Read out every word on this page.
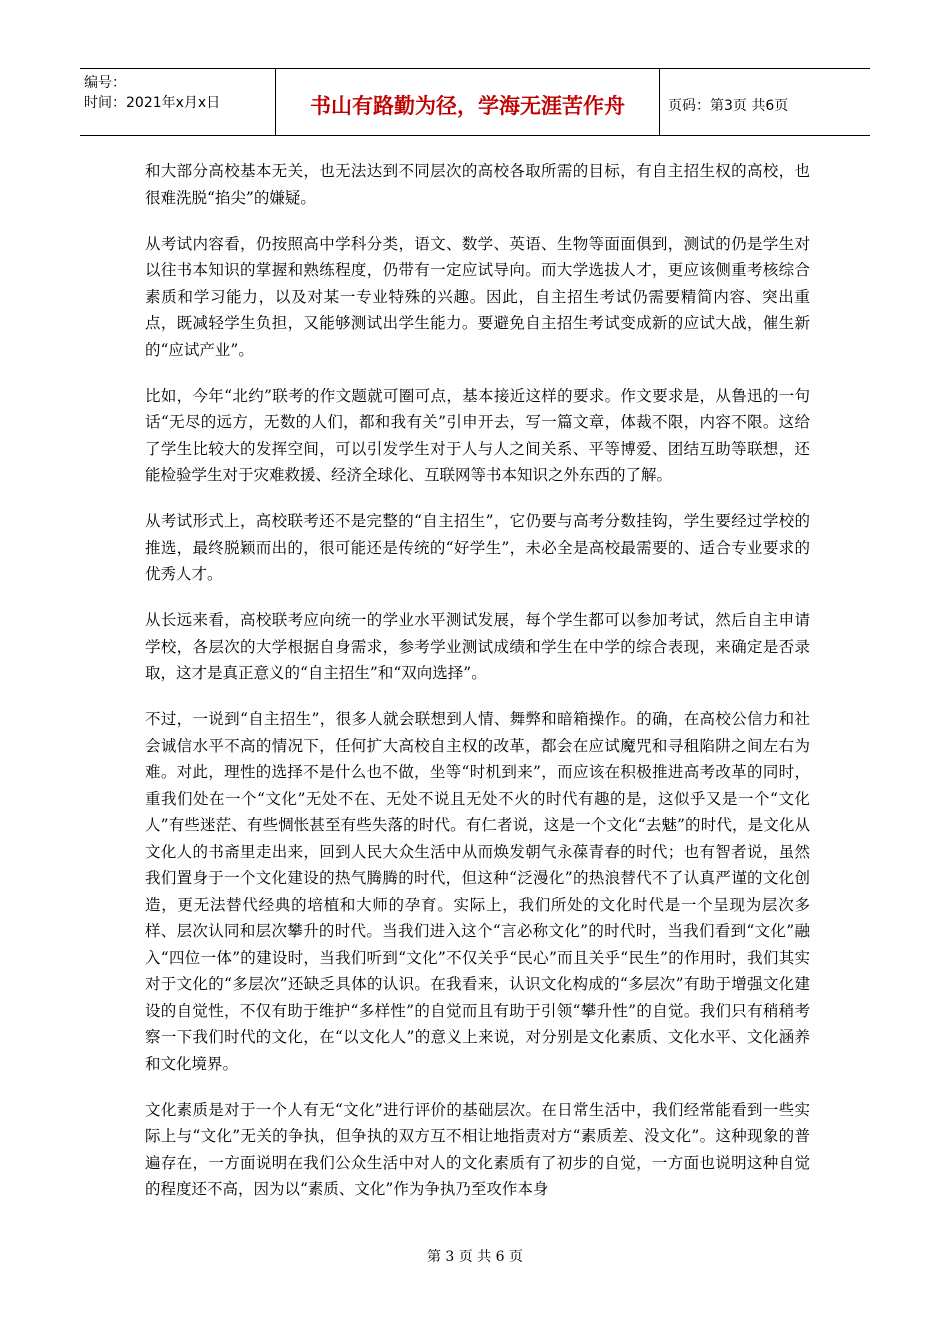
编号：
时间：2021年x月x日	书山有路勤为径，学海无涯苦作舟	页码：第3页 共6页

和大部分高校基本无关，也无法达到不同层次的高校各取所需的目标，有自主招生权的高校，也很难洗脱“掐尖”的嫌疑。

从考试内容看，仍按照高中学科分类，语文、数学、英语、生物等面面俱到，测试的仍是学生对以往书本知识的掌握和熟练程度，仍带有一定应试导向。而大学选拔人才，更应该侧重考核综合素质和学习能力，以及对某一专业特殊的兴趣。因此，自主招生考试仍需要精简内容、突出重点，既减轻学生负担，又能够测试出学生能力。要避免自主招生考试变成新的应试大战，催生新的“应试产业”。

比如，今年“北约”联考的作文题就可圈可点，基本接近这样的要求。作文要求是，从鲁迅的一句话“无尽的远方，无数的人们，都和我有关”引申开去，写一篇文章，体裁不限，内容不限。这给了学生比较大的发挥空间，可以引发学生对于人与人之间关系、平等博爱、团结互助等联想，还能检验学生对于灾难救援、经济全球化、互联网等书本知识之外东西的了解。

从考试形式上，高校联考还不是完整的“自主招生”，它仍要与高考分数挂钩，学生要经过学校的推选，最终脱颖而出的，很可能还是传统的“好学生”，未必全是高校最需要的、适合专业要求的优秀人才。

从长远来看，高校联考应向统一的学业水平测试发展，每个学生都可以参加考试，然后自主申请学校，各层次的大学根据自身需求，参考学业测试成绩和学生在中学的综合表现，来确定是否录取，这才是真正意义的“自主招生”和“双向选择”。

不过，一说到“自主招生”，很多人就会联想到人情、舞弊和暗箱操作。的确，在高校公信力和社会诚信水平不高的情况下，任何扩大高校自主权的改革，都会在应试魔咒和寻租陷阱之间左右为难。对此，理性的选择不是什么也不做，坐等“时机到来”，而应该在积极推进高考改革的同时，重我们处在一个“文化”无处不在、无处不说且无处不火的时代有趣的是，这似乎又是一个“文化人”有些迷茫、有些惆怅甚至有些失落的时代。有仁者说，这是一个文化“去魅”的时代，是文化从文化人的书斋里走出来，回到人民大众生活中从而焕发朝气永葆青春的时代；也有智者说，虽然我们置身于一个文化建设的热气腾腾的时代，但这种“泛漫化”的热浪替代不了认真严谨的文化创造，更无法替代经典的培植和大师的孕育。实际上，我们所处的文化时代是一个呈现为层次多样、层次认同和层次攀升的时代。当我们进入这个“言必称文化”的时代时，当我们看到“文化”融入“四位一体”的建设时，当我们听到“文化”不仅关乎“民心”而且关乎“民生”的作用时，我们其实对于文化的“多层次”还缺乏具体的认识。在我看来，认识文化构成的“多层次”有助于增强文化建设的自觉性，不仅有助于维护“多样性”的自觉而且有助于引领“攀升性”的自觉。我们只有稍稍考察一下我们时代的文化，在“以文化人”的意义上来说，对分别是文化素质、文化水平、文化涵养和文化境界。

文化素质是对于一个人有无“文化”进行评价的基础层次。在日常生活中，我们经常能看到一些实际上与“文化”无关的争执，但争执的双方互不相让地指责对方“素质差、没文化”。这种现象的普遍存在，一方面说明在我们公众生活中对人的文化素质有了初步的自觉，一方面也说明这种自觉的程度还不高，因为以“素质、文化”作为争执乃至攻作本身

第 3 页 共 6 页
